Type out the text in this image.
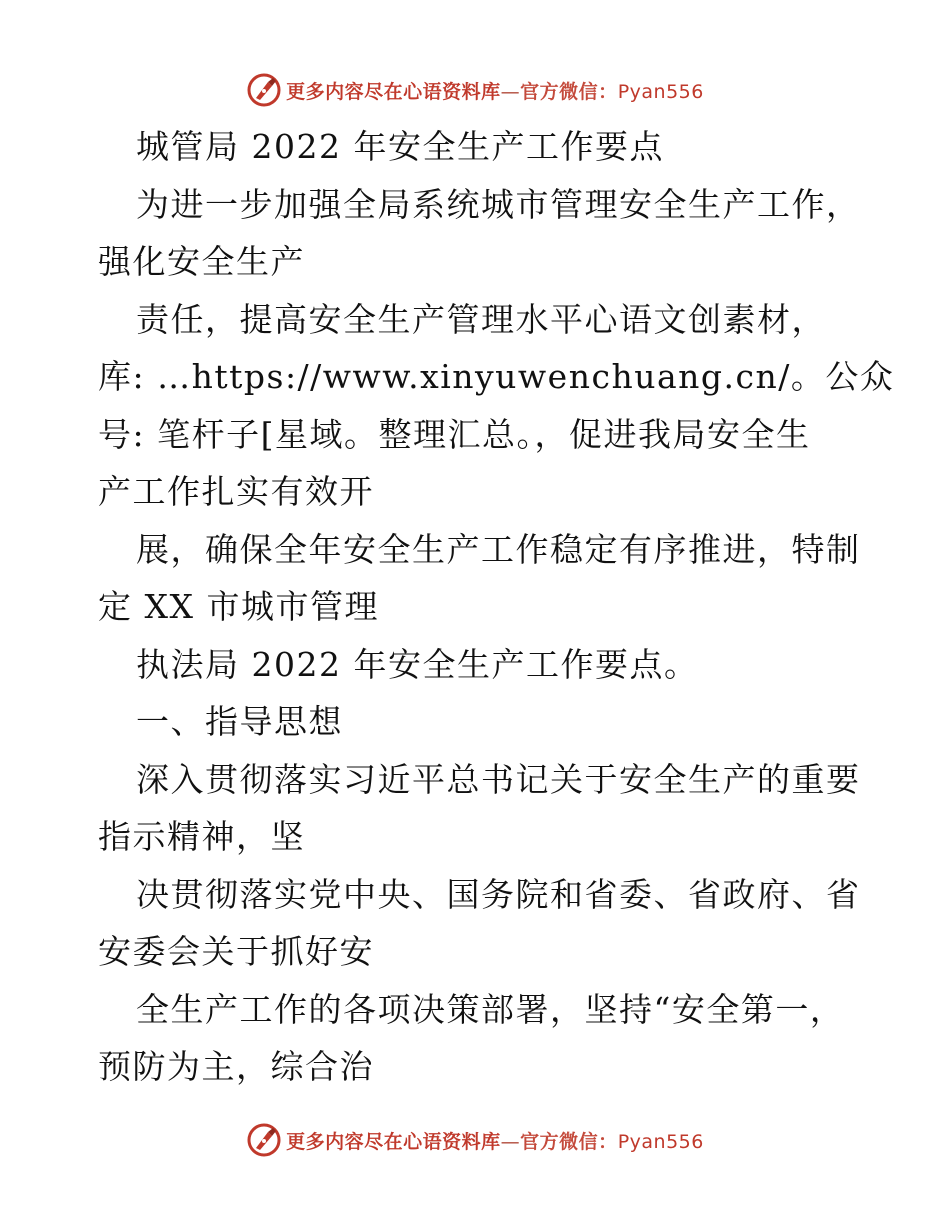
更多内容尽在心语资料库—官方微信：Pyan556
城管局 2022 年安全生产工作要点
为进一步加强全局系统城市管理安全生产工作，
强化安全生产
责任，提高安全生产管理水平心语文创素材，
库: …https://www.xinyuwenchuang.cn/。公众
号: 笔杆子[星域。整理汇总。，促进我局安全生
产工作扎实有效开
展，确保全年安全生产工作稳定有序推进，特制
定 XX 市城市管理
执法局 2022 年安全生产工作要点。
一、指导思想
深入贯彻落实习近平总书记关于安全生产的重要
指示精神，坚
决贯彻落实党中央、国务院和省委、省政府、省
安委会关于抓好安
全生产工作的各项决策部署，坚持“安全第一，
预防为主，综合治
更多内容尽在心语资料库—官方微信：Pyan556
